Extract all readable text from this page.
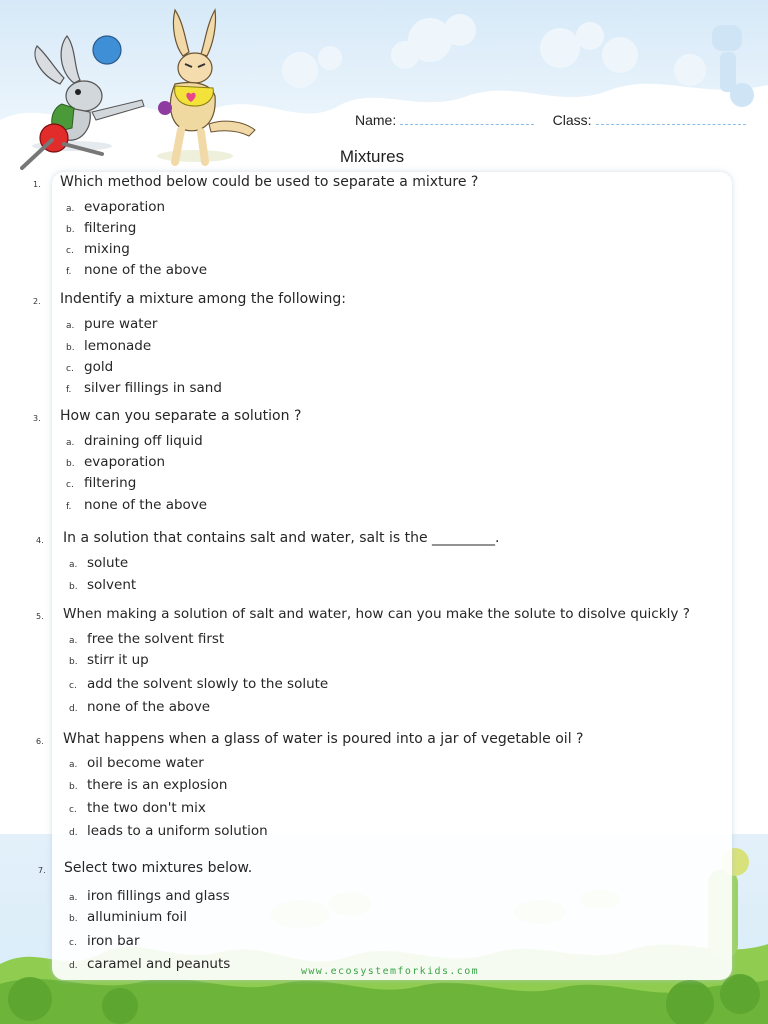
Name:	Class:
Mixtures
1. Which method below could be used to separate a mixture ?
a. evaporation
b. filtering
c. mixing
f. none of the above
2. Indentify a mixture among the following:
a. pure water
b. lemonade
c. gold
f. silver fillings in sand
3. How can you separate a solution ?
a. draining off liquid
b. evaporation
c. filtering
f. none of the above
4. In a solution that contains salt and water, salt is the _________.
a. solute
b. solvent
5. When making a solution of salt and water, how can you make the solute to disolve quickly ?
a. free the solvent first
b. stirr it up
c. add the solvent slowly to the solute
d. none of the above
6. What happens when a glass of water is poured into a jar of vegetable oil ?
a. oil become water
b. there is an explosion
c. the two don't mix
d. leads to a uniform solution
7. Select two mixtures below.
a. iron fillings and glass
b. alluminium foil
c. iron bar
d. caramel and peanuts	www.ecosystemforkids.com
